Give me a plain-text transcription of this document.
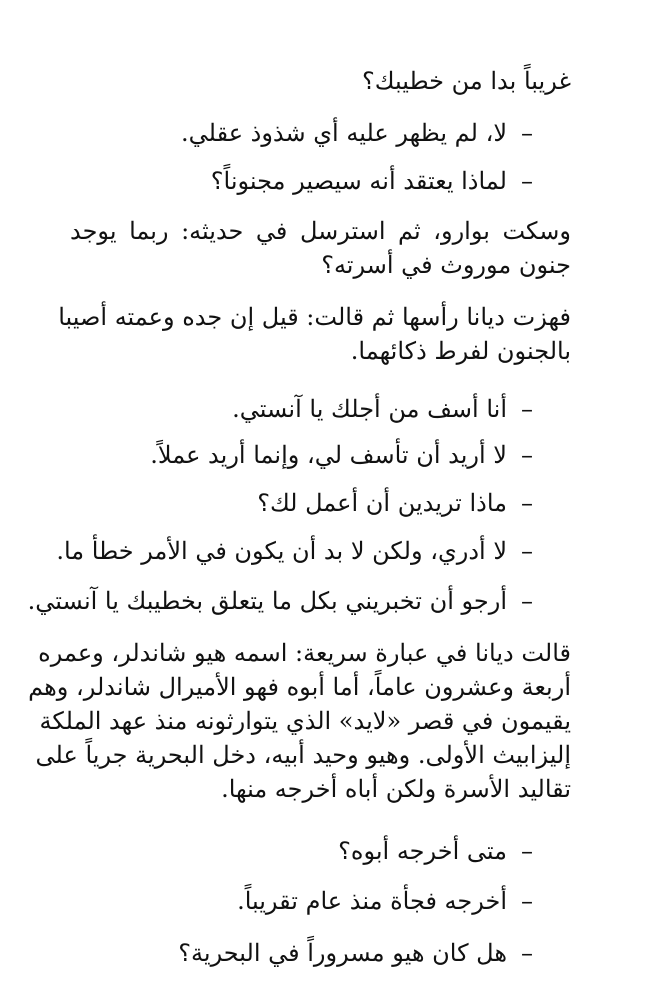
غريباً بدا من خطيبك؟
–لا، لم يظهر عليه أي شذوذ عقلي.
–لماذا يعتقد أنه سيصير مجنوناً؟
وسكت بوارو، ثم استرسل في حديثه: ربما يوجد
جنون موروث في أسرته؟
فهزت ديانا رأسها ثم قالت: قيل إن جده وعمته أصيبا
بالجنون لفرط ذكائهما.
–أنا أسف من أجلك يا آنستي.
–لا أريد أن تأسف لي، وإنما أريد عملاً.
–ماذا تريدين أن أعمل لك؟
–لا أدري، ولكن لا بد أن يكون في الأمر خطأ ما.
–أرجو أن تخبريني بكل ما يتعلق بخطيبك يا آنستي.
قالت ديانا في عبارة سريعة: اسمه هيو شاندلر، وعمره
أربعة وعشرون عاماً، أما أبوه فهو الأميرال شاندلر، وهم
يقيمون في قصر «لايد» الذي يتوارثونه منذ عهد الملكة
إليزابيث الأولى. وهيو وحيد أبيه، دخل البحرية جرياً على
تقاليد الأسرة ولكن أباه أخرجه منها.
–متى أخرجه أبوه؟
–أخرجه فجأة منذ عام تقريباً.
–هل كان هيو مسروراً في البحرية؟
